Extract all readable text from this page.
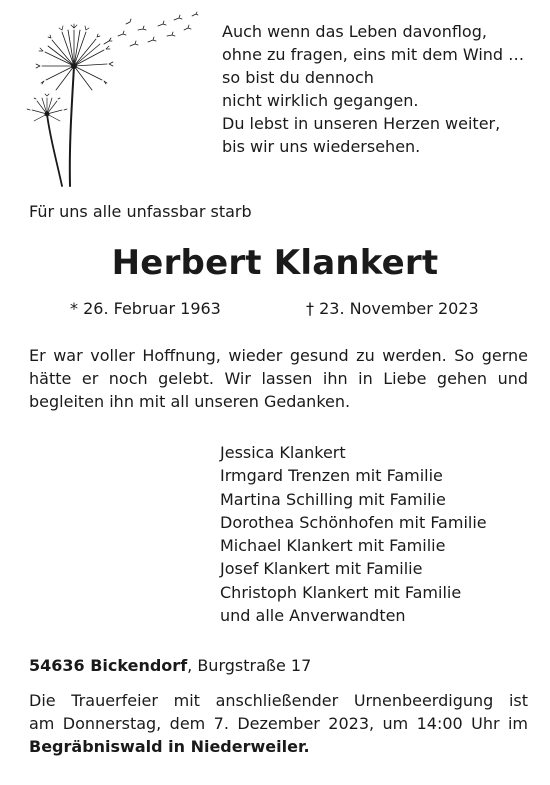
Auch wenn das Leben davonflog,
ohne zu fragen, eins mit dem Wind …
so bist du dennoch
nicht wirklich gegangen.
Du lebst in unseren Herzen weiter,
bis wir uns wiedersehen.
Für uns alle unfassbar starb
Herbert Klankert
* 26. Februar 1963	† 23. November 2023
Er war voller Hoffnung, wieder gesund zu werden. So gerne
hätte er noch gelebt. Wir lassen ihn in Liebe gehen und
begleiten ihn mit all unseren Gedanken.
Jessica Klankert
Irmgard Trenzen mit Familie
Martina Schilling mit Familie
Dorothea Schönhofen mit Familie
Michael Klankert mit Familie
Josef Klankert mit Familie
Christoph Klankert mit Familie
und alle Anverwandten
54636 Bickendorf, Burgstraße 17
Die Trauerfeier mit anschließender Urnenbeerdigung ist
am Donnerstag, dem 7. Dezember 2023, um 14:00 Uhr im
Begräbniswald in Niederweiler.
